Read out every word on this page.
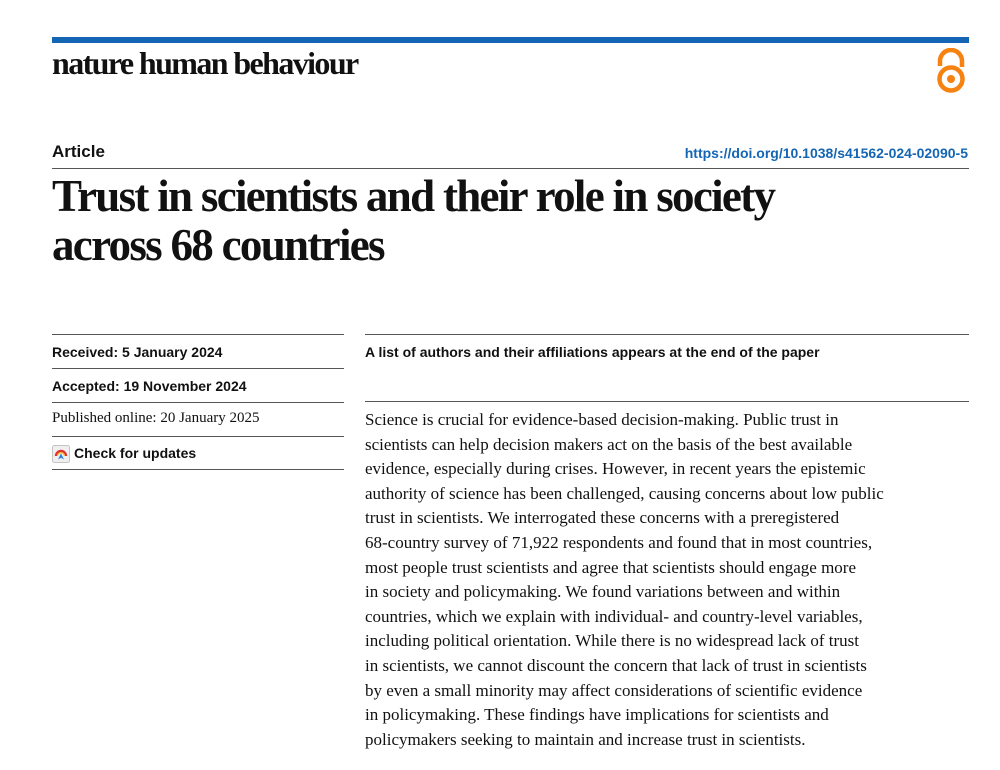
nature human behaviour
Article	https://doi.org/10.1038/s41562-024-02090-5
Trust in scientists and their role in society
across 68 countries
Received: 5 January 2024
Accepted: 19 November 2024
Published online: 20 January 2025
Check for updates
A list of authors and their affiliations appears at the end of the paper

Science is crucial for evidence-based decision-making. Public trust in
scientists can help decision makers act on the basis of the best available
evidence, especially during crises. However, in recent years the epistemic
authority of science has been challenged, causing concerns about low public
trust in scientists. We interrogated these concerns with a preregistered
68-country survey of 71,922 respondents and found that in most countries,
most people trust scientists and agree that scientists should engage more
in society and policymaking. We found variations between and within
countries, which we explain with individual- and country-level variables,
including political orientation. While there is no widespread lack of trust
in scientists, we cannot discount the concern that lack of trust in scientists
by even a small minority may affect considerations of scientific evidence
in policymaking. These findings have implications for scientists and
policymakers seeking to maintain and increase trust in scientists.
